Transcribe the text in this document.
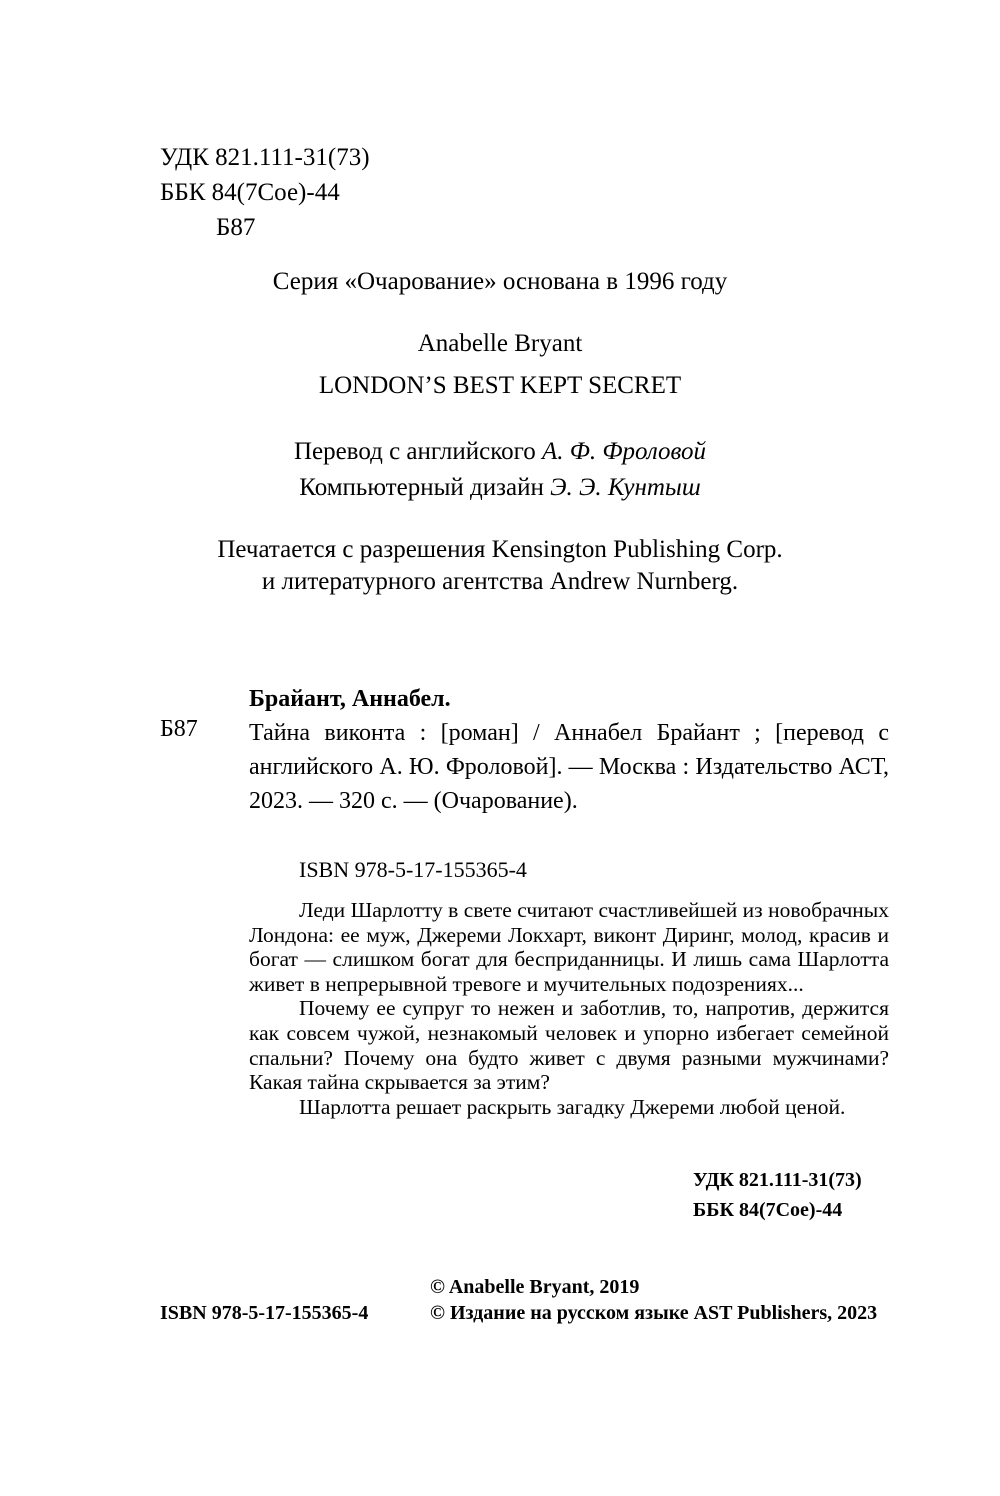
УДК 821.111-31(73)
ББК 84(7Сое)-44
Б87
Серия «Очарование» основана в 1996 году
Anabelle Bryant
LONDON’S BEST KEPT SECRET
Перевод с английского А. Ф. Фроловой
Компьютерный дизайн Э. Э. Кунтыш
Печатается с разрешения Kensington Publishing Corp.
и литературного агентства Andrew Nurnberg.
Брайант, Аннабел.
Б87 Тайна виконта : [роман] / Аннабел Брайант ; [перевод с английского А. Ю. Фроловой]. — Москва : Издательство АСТ, 2023. — 320 с. — (Очарование).
ISBN 978-5-17-155365-4

Леди Шарлотту в свете считают счастливейшей из новобрачных Лондона: ее муж, Джереми Локхарт, виконт Диринг, молод, красив и богат — слишком богат для бесприданницы. И лишь сама Шарлотта живет в непрерывной тревоге и мучительных подозрениях...

Почему ее супруг то нежен и заботлив, то, напротив, держится как совсем чужой, незнакомый человек и упорно избегает семейной спальни? Почему она будто живет с двумя разными мужчинами? Какая тайна скрывается за этим?

Шарлотта решает раскрыть загадку Джереми любой ценой.

УДК 821.111-31(73)
ББК 84(7Сое)-44
© Anabelle Bryant, 2019
ISBN 978-5-17-155365-4	© Издание на русском языке AST Publishers, 2023
